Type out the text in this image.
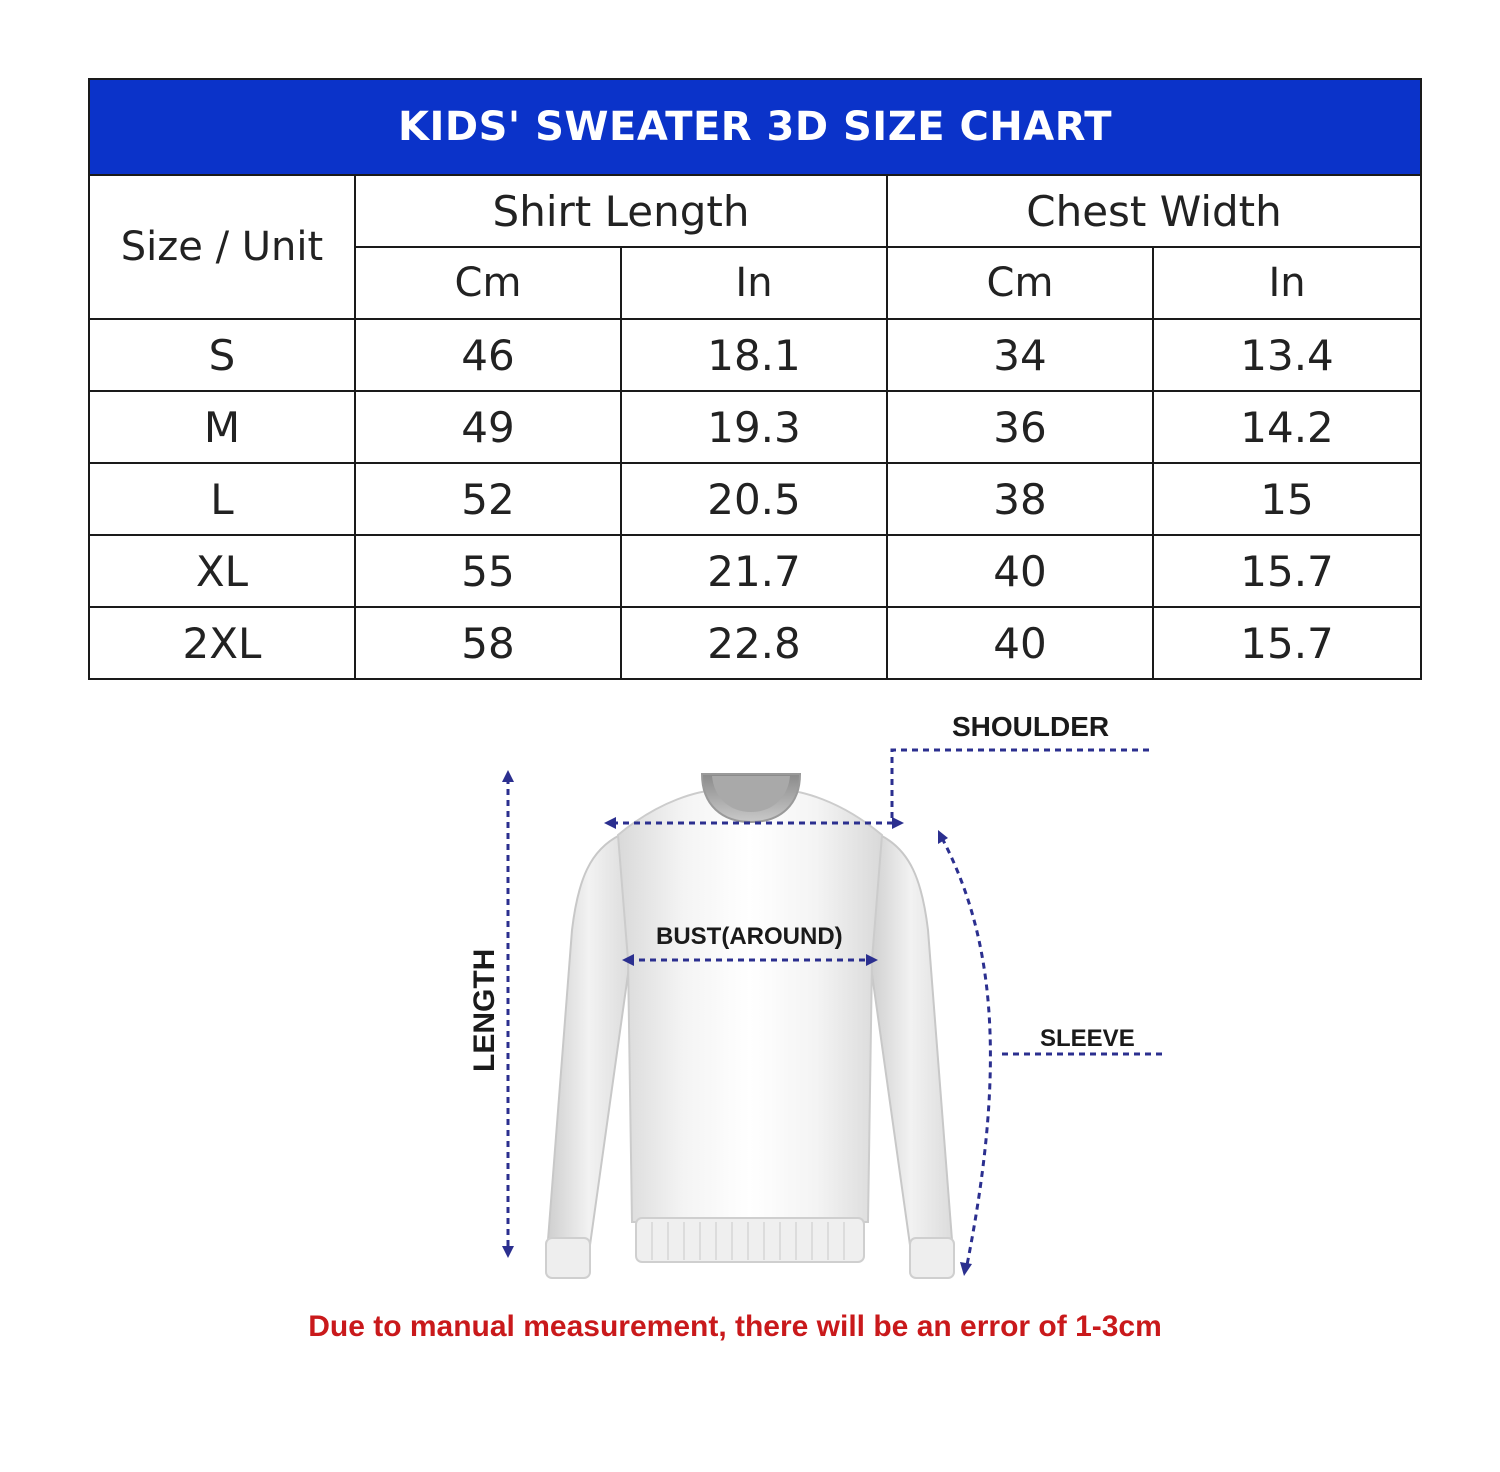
KIDS' SWEATER 3D SIZE CHART				
Size / Unit	Shirt Length		Chest Width	
	Cm	In	Cm	In
S	46	18.1	34	13.4
M	49	19.3	36	14.2
L	52	20.5	38	15
XL	55	21.7	40	15.7
2XL	58	22.8	40	15.7
SHOULDER
LENGTH
BUST(AROUND)
SLEEVE
Due to manual measurement, there will be an error of 1-3cm
